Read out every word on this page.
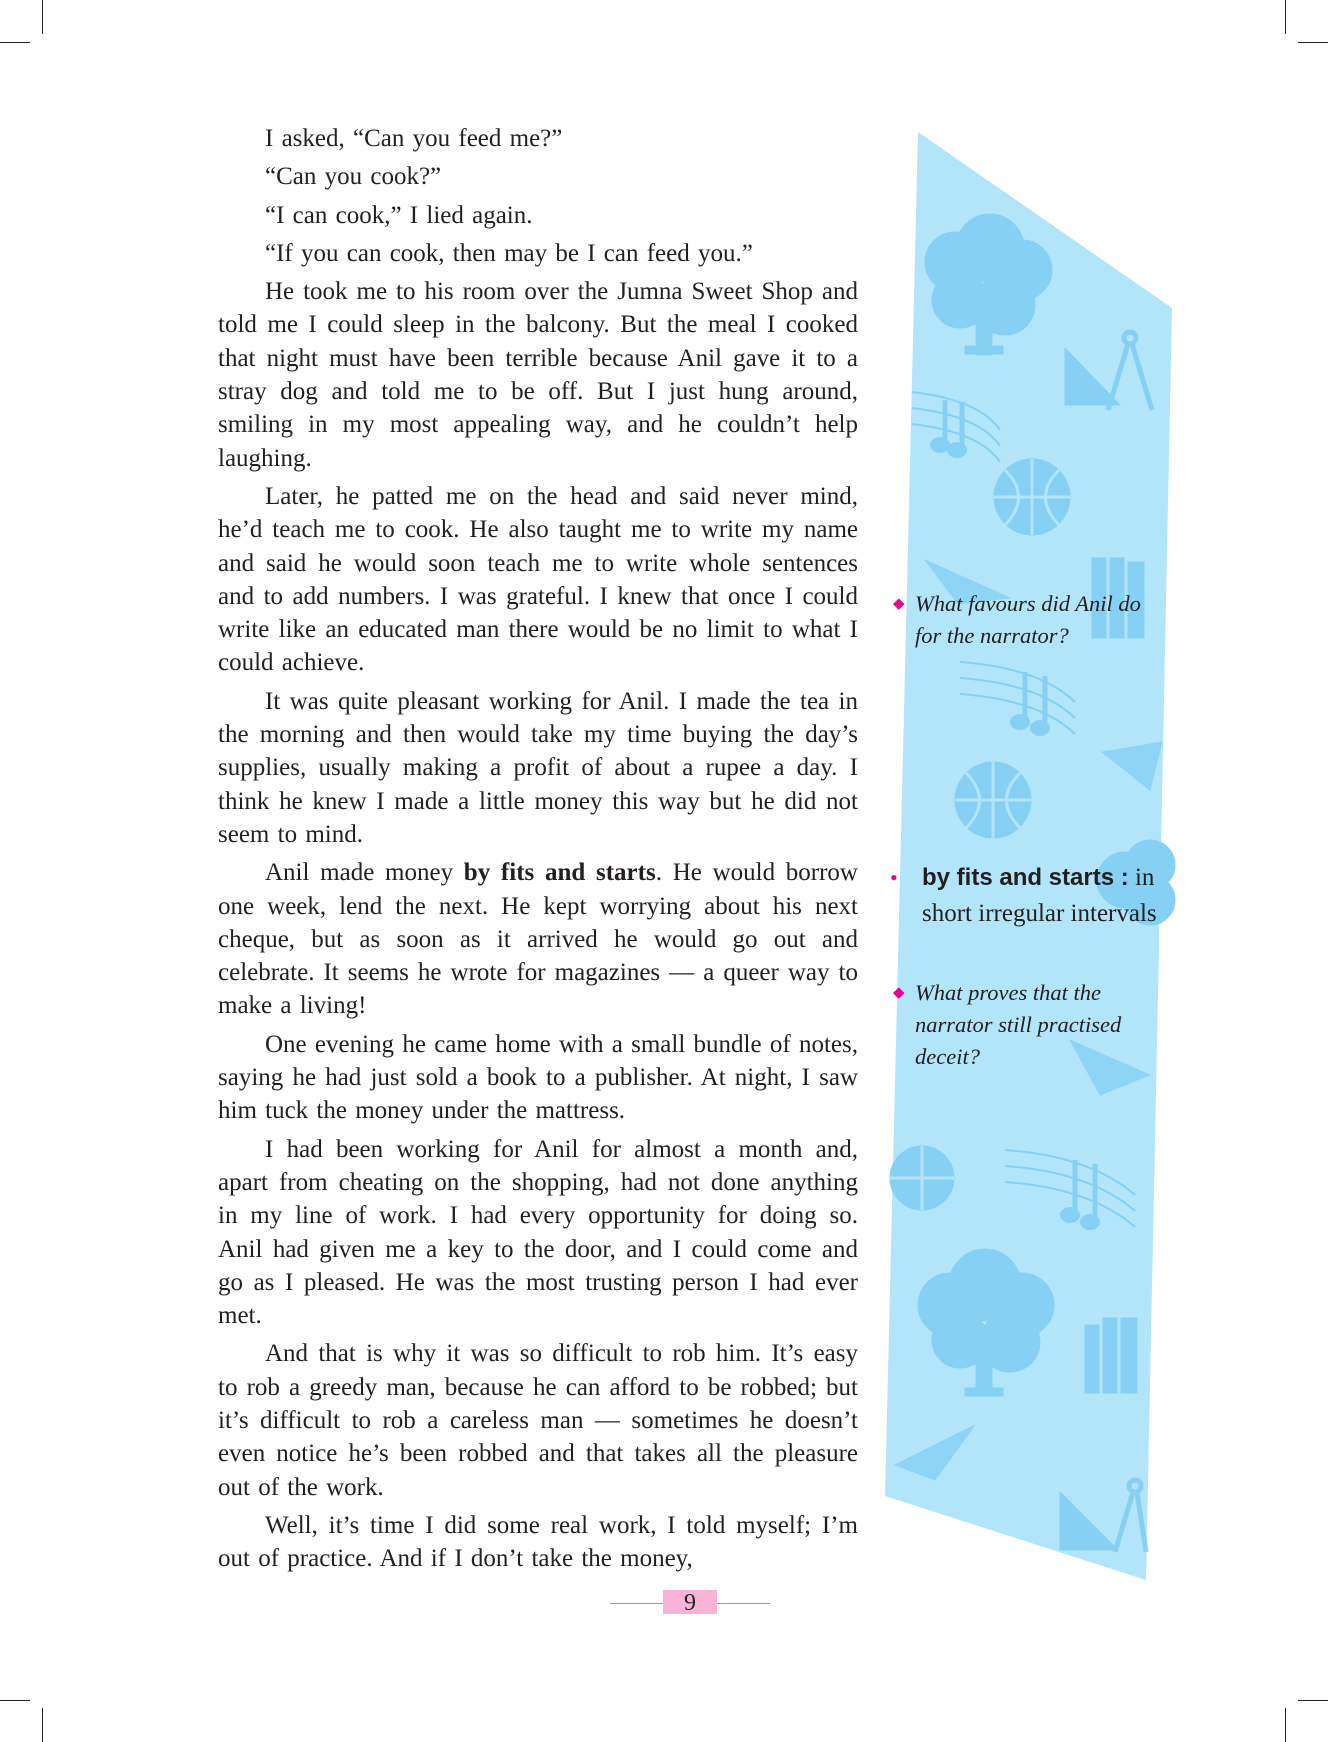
I asked, “Can you feed me?”

“Can you cook?”

“I can cook,” I lied again.

“If you can cook, then may be I can feed you.”

He took me to his room over the Jumna Sweet Shop and told me I could sleep in the balcony. But the meal I cooked that night must have been terrible because Anil gave it to a stray dog and told me to be off. But I just hung around, smiling in my most appealing way, and he couldn’t help laughing.

Later, he patted me on the head and said never mind, he’d teach me to cook. He also taught me to write my name and said he would soon teach me to write whole sentences and to add numbers. I was grateful. I knew that once I could write like an educated man there would be no limit to what I could achieve.

It was quite pleasant working for Anil. I made the tea in the morning and then would take my time buying the day’s supplies, usually making a profit of about a rupee a day. I think he knew I made a little money this way but he did not seem to mind.

Anil made money by fits and starts. He would borrow one week, lend the next. He kept worrying about his next cheque, but as soon as it arrived he would go out and celebrate. It seems he wrote for magazines — a queer way to make a living!

One evening he came home with a small bundle of notes, saying he had just sold a book to a publisher. At night, I saw him tuck the money under the mattress.

I had been working for Anil for almost a month and, apart from cheating on the shopping, had not done anything in my line of work. I had every opportunity for doing so. Anil had given me a key to the door, and I could come and go as I pleased. He was the most trusting person I had ever met.

And that is why it was so difficult to rob him. It’s easy to rob a greedy man, because he can afford to be robbed; but it’s difficult to rob a careless man — sometimes he doesn’t even notice he’s been robbed and that takes all the pleasure out of the work.

Well, it’s time I did some real work, I told myself; I’m out of practice. And if I don’t take the money,

◆ What favours did Anil do for the narrator?
•	by fits and starts : in short irregular intervals
◆ What proves that the narrator still practised deceit?
9
